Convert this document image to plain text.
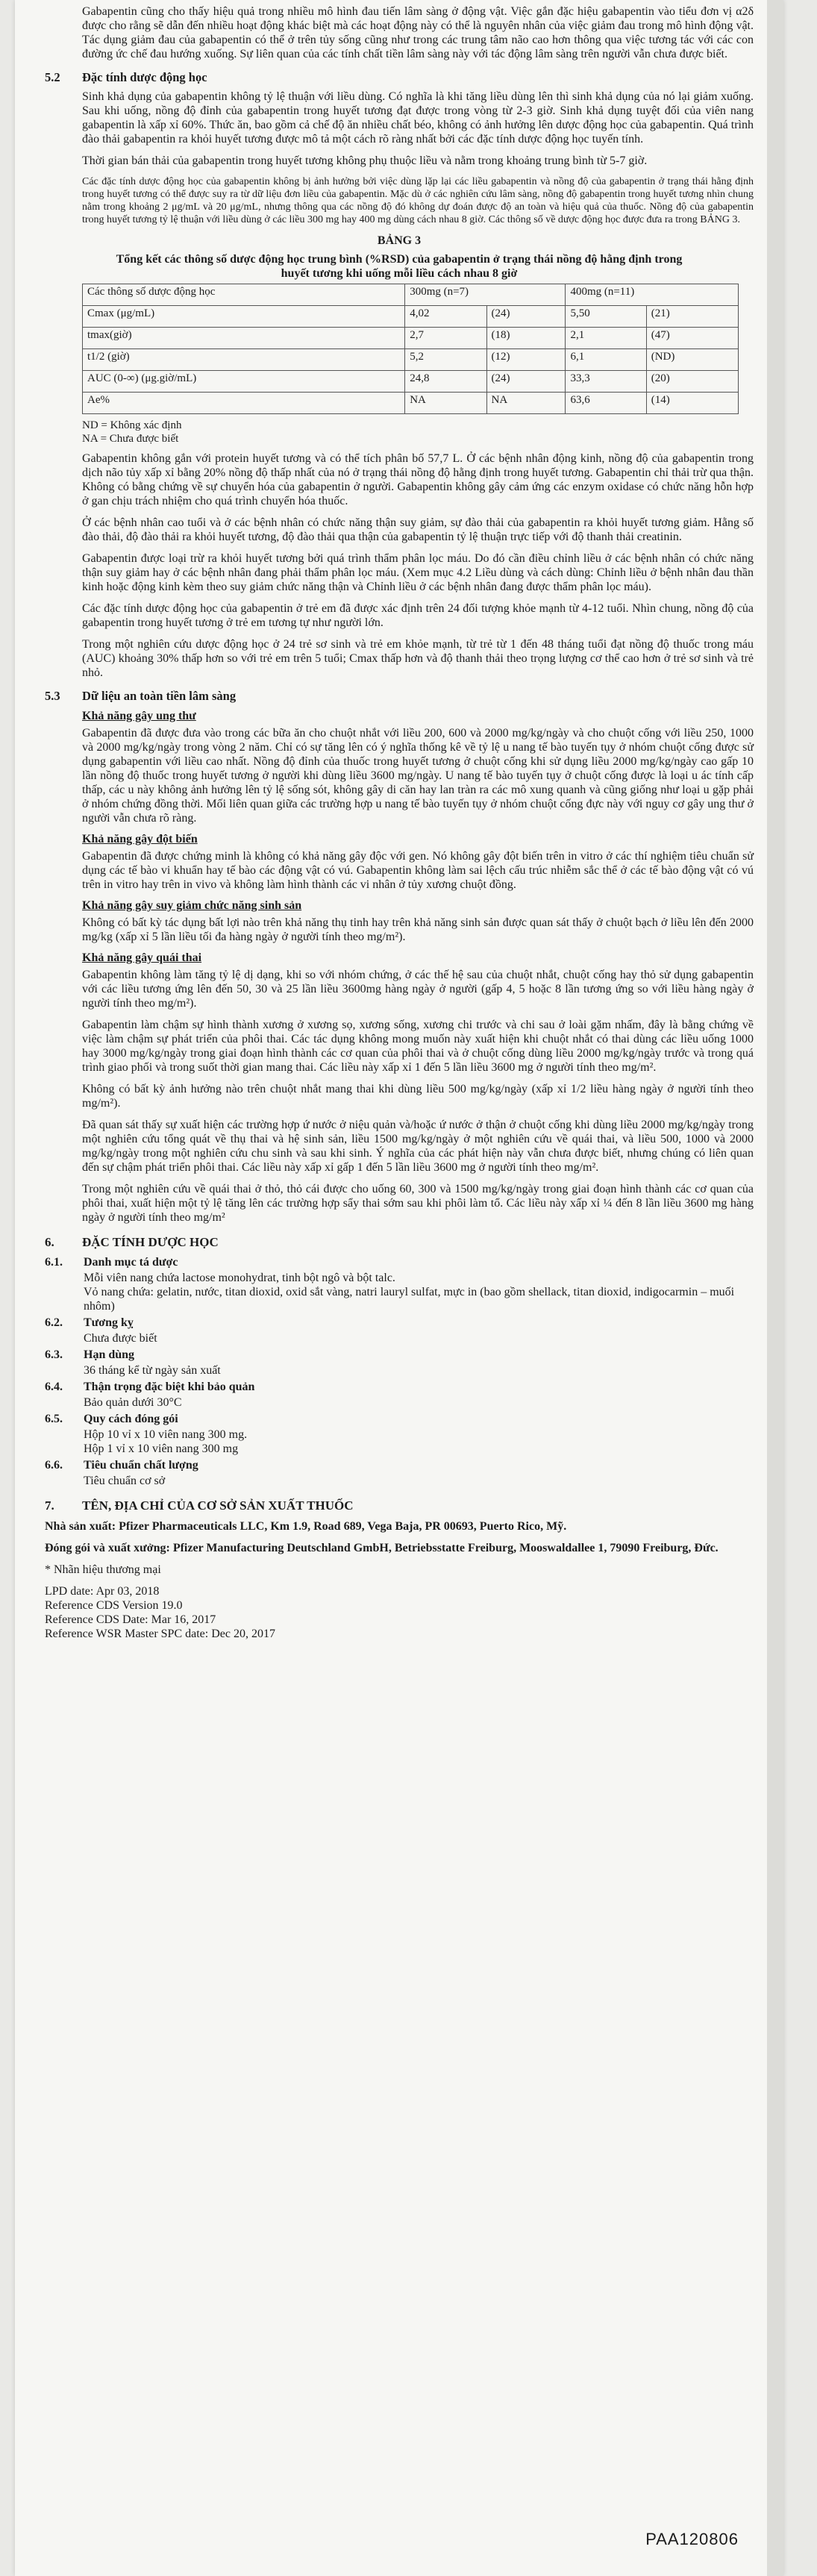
Gabapentin cũng cho thấy hiệu quả trong nhiều mô hình đau tiến lâm sàng ở động vật. Việc gắn đặc hiệu gabapentin vào tiểu đơn vị α2δ được cho rằng sẽ dẫn đến nhiều hoạt động khác biệt mà các hoạt động này có thể là nguyên nhân của việc giảm đau trong mô hình động vật. Tác dụng giảm đau của gabapentin có thể ở trên tủy sống cũng như trong các trung tâm não cao hơn thông qua việc tương tác với các con đường ức chế đau hướng xuống. Sự liên quan của các tính chất tiền lâm sàng này với tác động lâm sàng trên người vẫn chưa được biết.

5.2	Đặc tính dược động học

Sinh khả dụng của gabapentin không tỷ lệ thuận với liều dùng. Có nghĩa là khi tăng liều dùng lên thì sinh khả dụng của nó lại giảm xuống. Sau khi uống, nồng độ đỉnh của gabapentin trong huyết tương đạt được trong vòng từ 2-3 giờ. Sinh khả dụng tuyệt đối của viên nang gabapentin là xấp xỉ 60%. Thức ăn, bao gồm cả chế độ ăn nhiều chất béo, không có ảnh hưởng lên dược động học của gabapentin. Quá trình đào thải gabapentin ra khỏi huyết tương được mô tả một cách rõ ràng nhất bởi các đặc tính dược động học tuyến tính.

Thời gian bán thải của gabapentin trong huyết tương không phụ thuộc liều và nằm trong khoảng trung bình từ 5-7 giờ.

Các đặc tính dược động học của gabapentin không bị ảnh hưởng bởi việc dùng lặp lại các liều gabapentin và nồng độ của gabapentin ở trạng thái hằng định trong huyết tương có thể được suy ra từ dữ liệu đơn liều của gabapentin. Mặc dù ở các nghiên cứu lâm sàng, nồng độ gabapentin trong huyết tương nhìn chung nằm trong khoảng 2 μg/mL và 20 μg/mL, nhưng thông qua các nồng độ đó không dự đoán được độ an toàn và hiệu quả của thuốc. Nồng độ của gabapentin trong huyết tương tỷ lệ thuận với liều dùng ở các liều 300 mg hay 400 mg dùng cách nhau 8 giờ. Các thông số về dược động học được đưa ra trong BẢNG 3.

BẢNG 3
Tổng kết các thông số dược động học trung bình (%RSD) của gabapentin ở trạng thái nồng độ hằng định trong huyết tương khi uống mỗi liều cách nhau 8 giờ
Các thông số dược động học	300mg (n=7)		400mg (n=11)	
Cmax (μg/mL)	4,02	(24)	5,50	(21)
tmax(giờ)	2,7	(18)	2,1	(47)
t1/2 (giờ)	5,2	(12)	6,1	(ND)
AUC (0-∞) (μg.giờ/mL)	24,8	(24)	33,3	(20)
Ae%	NA	NA	63,6	(14)
ND = Không xác định
NA = Chưa được biết

Gabapentin không gắn với protein huyết tương và có thể tích phân bố 57,7 L. Ở các bệnh nhân động kinh, nồng độ của gabapentin trong dịch não tủy xấp xỉ bằng 20% nồng độ thấp nhất của nó ở trạng thái nồng độ hằng định trong huyết tương. Gabapentin chỉ thải trừ qua thận. Không có bằng chứng về sự chuyển hóa của gabapentin ở người. Gabapentin không gây cảm ứng các enzym oxidase có chức năng hỗn hợp ở gan chịu trách nhiệm cho quá trình chuyển hóa thuốc.

Ở các bệnh nhân cao tuổi và ở các bệnh nhân có chức năng thận suy giảm, sự đào thải của gabapentin ra khỏi huyết tương giảm. Hằng số đào thải, độ đào thải ra khỏi huyết tương, độ đào thải qua thận của gabapentin tỷ lệ thuận trực tiếp với độ thanh thải creatinin.

Gabapentin được loại trừ ra khỏi huyết tương bởi quá trình thẩm phân lọc máu. Do đó cần điều chỉnh liều ở các bệnh nhân có chức năng thận suy giảm hay ở các bệnh nhân đang phải thẩm phân lọc máu. (Xem mục 4.2 Liều dùng và cách dùng: Chỉnh liều ở bệnh nhân đau thần kinh hoặc động kinh kèm theo suy giảm chức năng thận và Chỉnh liều ở các bệnh nhân đang được thẩm phân lọc máu).

Các đặc tính dược động học của gabapentin ở trẻ em đã được xác định trên 24 đối tượng khỏe mạnh từ 4-12 tuổi. Nhìn chung, nồng độ của gabapentin trong huyết tương ở trẻ em tương tự như người lớn.

Trong một nghiên cứu dược động học ở 24 trẻ sơ sinh và trẻ em khỏe mạnh, từ trẻ từ 1 đến 48 tháng tuổi đạt nồng độ thuốc trong máu (AUC) khoảng 30% thấp hơn so với trẻ em trên 5 tuổi; Cmax thấp hơn và độ thanh thải theo trọng lượng cơ thể cao hơn ở trẻ sơ sinh và trẻ nhỏ.

5.3	Dữ liệu an toàn tiền lâm sàng
Khả năng gây ung thư

Gabapentin đã được đưa vào trong các bữa ăn cho chuột nhắt với liều 200, 600 và 2000 mg/kg/ngày và cho chuột cống với liều 250, 1000 và 2000 mg/kg/ngày trong vòng 2 năm. Chỉ có sự tăng lên có ý nghĩa thống kê về tỷ lệ u nang tế bào tuyến tụy ở nhóm chuột cống được sử dụng gabapentin với liều cao nhất. Nồng độ đỉnh của thuốc trong huyết tương ở chuột cống khi sử dụng liều 2000 mg/kg/ngày cao gấp 10 lần nồng độ thuốc trong huyết tương ở người khi dùng liều 3600 mg/ngày. U nang tế bào tuyến tụy ở chuột cống được là loại u ác tính cấp thấp, các u này không ảnh hưởng lên tỷ lệ sống sót, không gây di căn hay lan tràn ra các mô xung quanh và cũng giống như loại u gặp phải ở nhóm chứng đồng thời. Mối liên quan giữa các trường hợp u nang tế bào tuyến tụy ở nhóm chuột cống đực này với nguy cơ gây ung thư ở người vẫn chưa rõ ràng.

Khả năng gây đột biến

Gabapentin đã được chứng minh là không có khả năng gây độc với gen. Nó không gây đột biến trên in vitro ở các thí nghiệm tiêu chuẩn sử dụng các tế bào vi khuẩn hay tế bào các động vật có vú. Gabapentin không làm sai lệch cấu trúc nhiễm sắc thể ở các tế bào động vật có vú trên in vitro hay trên in vivo và không làm hình thành các vi nhân ở tủy xương chuột đồng.

Khả năng gây suy giảm chức năng sinh sản

Không có bất kỳ tác dụng bất lợi nào trên khả năng thụ tinh hay trên khả năng sinh sản được quan sát thấy ở chuột bạch ở liều lên đến 2000 mg/kg (xấp xỉ 5 lần liều tối đa hàng ngày ở người tính theo mg/m²).

Khả năng gây quái thai

Gabapentin không làm tăng tỷ lệ dị dạng, khi so với nhóm chứng, ở các thế hệ sau của chuột nhắt, chuột cống hay thỏ sử dụng gabapentin với các liều tương ứng lên đến 50, 30 và 25 lần liều 3600mg hàng ngày ở người (gấp 4, 5 hoặc 8 lần tương ứng so với liều hàng ngày ở người tính theo mg/m²).

Gabapentin làm chậm sự hình thành xương ở xương sọ, xương sống, xương chi trước và chi sau ở loài gặm nhấm, đây là bằng chứng về việc làm chậm sự phát triển của phôi thai. Các tác dụng không mong muốn này xuất hiện khi chuột nhắt có thai dùng các liều uống 1000 hay 3000 mg/kg/ngày trong giai đoạn hình thành các cơ quan của phôi thai và ở chuột cống dùng liều 2000 mg/kg/ngày trước và trong quá trình giao phối và trong suốt thời gian mang thai. Các liều này xấp xỉ 1 đến 5 lần liều 3600 mg ở người tính theo mg/m².

Không có bất kỳ ảnh hưởng nào trên chuột nhắt mang thai khi dùng liều 500 mg/kg/ngày (xấp xỉ 1/2 liều hàng ngày ở người tính theo mg/m²).

Đã quan sát thấy sự xuất hiện các trường hợp ứ nước ở niệu quản và/hoặc ứ nước ở thận ở chuột cống khi dùng liều 2000 mg/kg/ngày trong một nghiên cứu tổng quát về thụ thai và hệ sinh sản, liều 1500 mg/kg/ngày ở một nghiên cứu về quái thai, và liều 500, 1000 và 2000 mg/kg/ngày trong một nghiên cứu chu sinh và sau khi sinh. Ý nghĩa của các phát hiện này vẫn chưa được biết, nhưng chúng có liên quan đến sự chậm phát triển phôi thai. Các liều này xấp xỉ gấp 1 đến 5 lần liều 3600 mg ở người tính theo mg/m².

Trong một nghiên cứu về quái thai ở thỏ, thỏ cái được cho uống 60, 300 và 1500 mg/kg/ngày trong giai đoạn hình thành các cơ quan của phôi thai, xuất hiện một tỷ lệ tăng lên các trường hợp sẩy thai sớm sau khi phôi làm tổ. Các liều này xấp xỉ ¼ đến 8 lần liều 3600 mg hàng ngày ở người tính theo mg/m²

6.	ĐẶC TÍNH DƯỢC HỌC
6.1.	Danh mục tá dược
Mỗi viên nang chứa lactose monohydrat, tinh bột ngô và bột talc.
Vỏ nang chứa: gelatin, nước, titan dioxid, oxid sắt vàng, natri lauryl sulfat, mực in (bao gồm shellack, titan dioxid, indigocarmin – muối nhôm)
6.2.	Tương kỵ
Chưa được biết
6.3.	Hạn dùng
36 tháng kể từ ngày sản xuất
6.4.	Thận trọng đặc biệt khi bảo quản
Bảo quản dưới 30°C
6.5.	Quy cách đóng gói
Hộp 10 vỉ x 10 viên nang 300 mg.
Hộp 1 vỉ x 10 viên nang 300 mg
6.6.	Tiêu chuẩn chất lượng
Tiêu chuẩn cơ sở
7.	TÊN, ĐỊA CHỈ CỦA CƠ SỞ SẢN XUẤT THUỐC

Nhà sản xuất: Pfizer Pharmaceuticals LLC, Km 1.9, Road 689, Vega Baja, PR 00693, Puerto Rico, Mỹ.

Đóng gói và xuất xưởng: Pfizer Manufacturing Deutschland GmbH, Betriebsstatte Freiburg, Mooswaldallee 1, 79090 Freiburg, Đức.

* Nhãn hiệu thương mại

LPD date: Apr 03, 2018
Reference CDS Version 19.0
Reference CDS Date: Mar 16, 2017
Reference WSR Master SPC date: Dec 20, 2017
PAA120806
